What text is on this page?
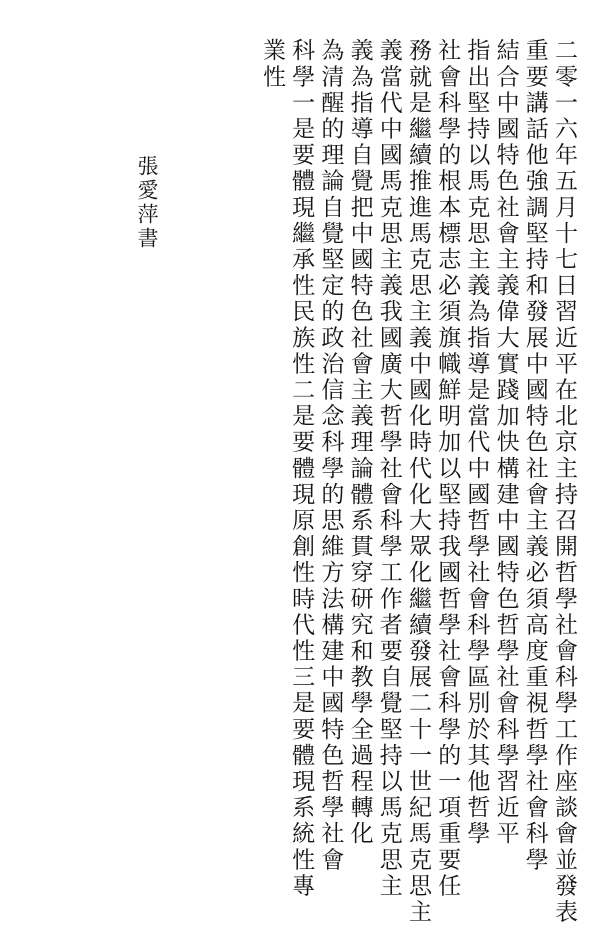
二零一六年五月十七日習近平在北京主持召開哲學社會科學工作座談會並發表
重要講話他強調堅持和發展中國特色社會主義必須高度重視哲學社會科學
結合中國特色社會主義偉大實踐加快構建中國特色哲學社會科學習近平
指出堅持以馬克思主義為指導是當代中國哲學社會科學區別於其他哲學
社會科學的根本標志必須旗幟鮮明加以堅持我國哲學社會科學的一項重要任
務就是繼續推進馬克思主義中國化時代化大眾化繼續發展二十一世紀馬克思主
義當代中國馬克思主義我國廣大哲學社會科學工作者要自覺堅持以馬克思主
義為指導自覺把中國特色社會主義理論體系貫穿研究和教學全過程轉化
為清醒的理論自覺堅定的政治信念科學的思維方法構建中國特色哲學社會
科學一是要體現繼承性民族性二是要體現原創性時代性三是要體現系統性專
業性
張愛萍書
